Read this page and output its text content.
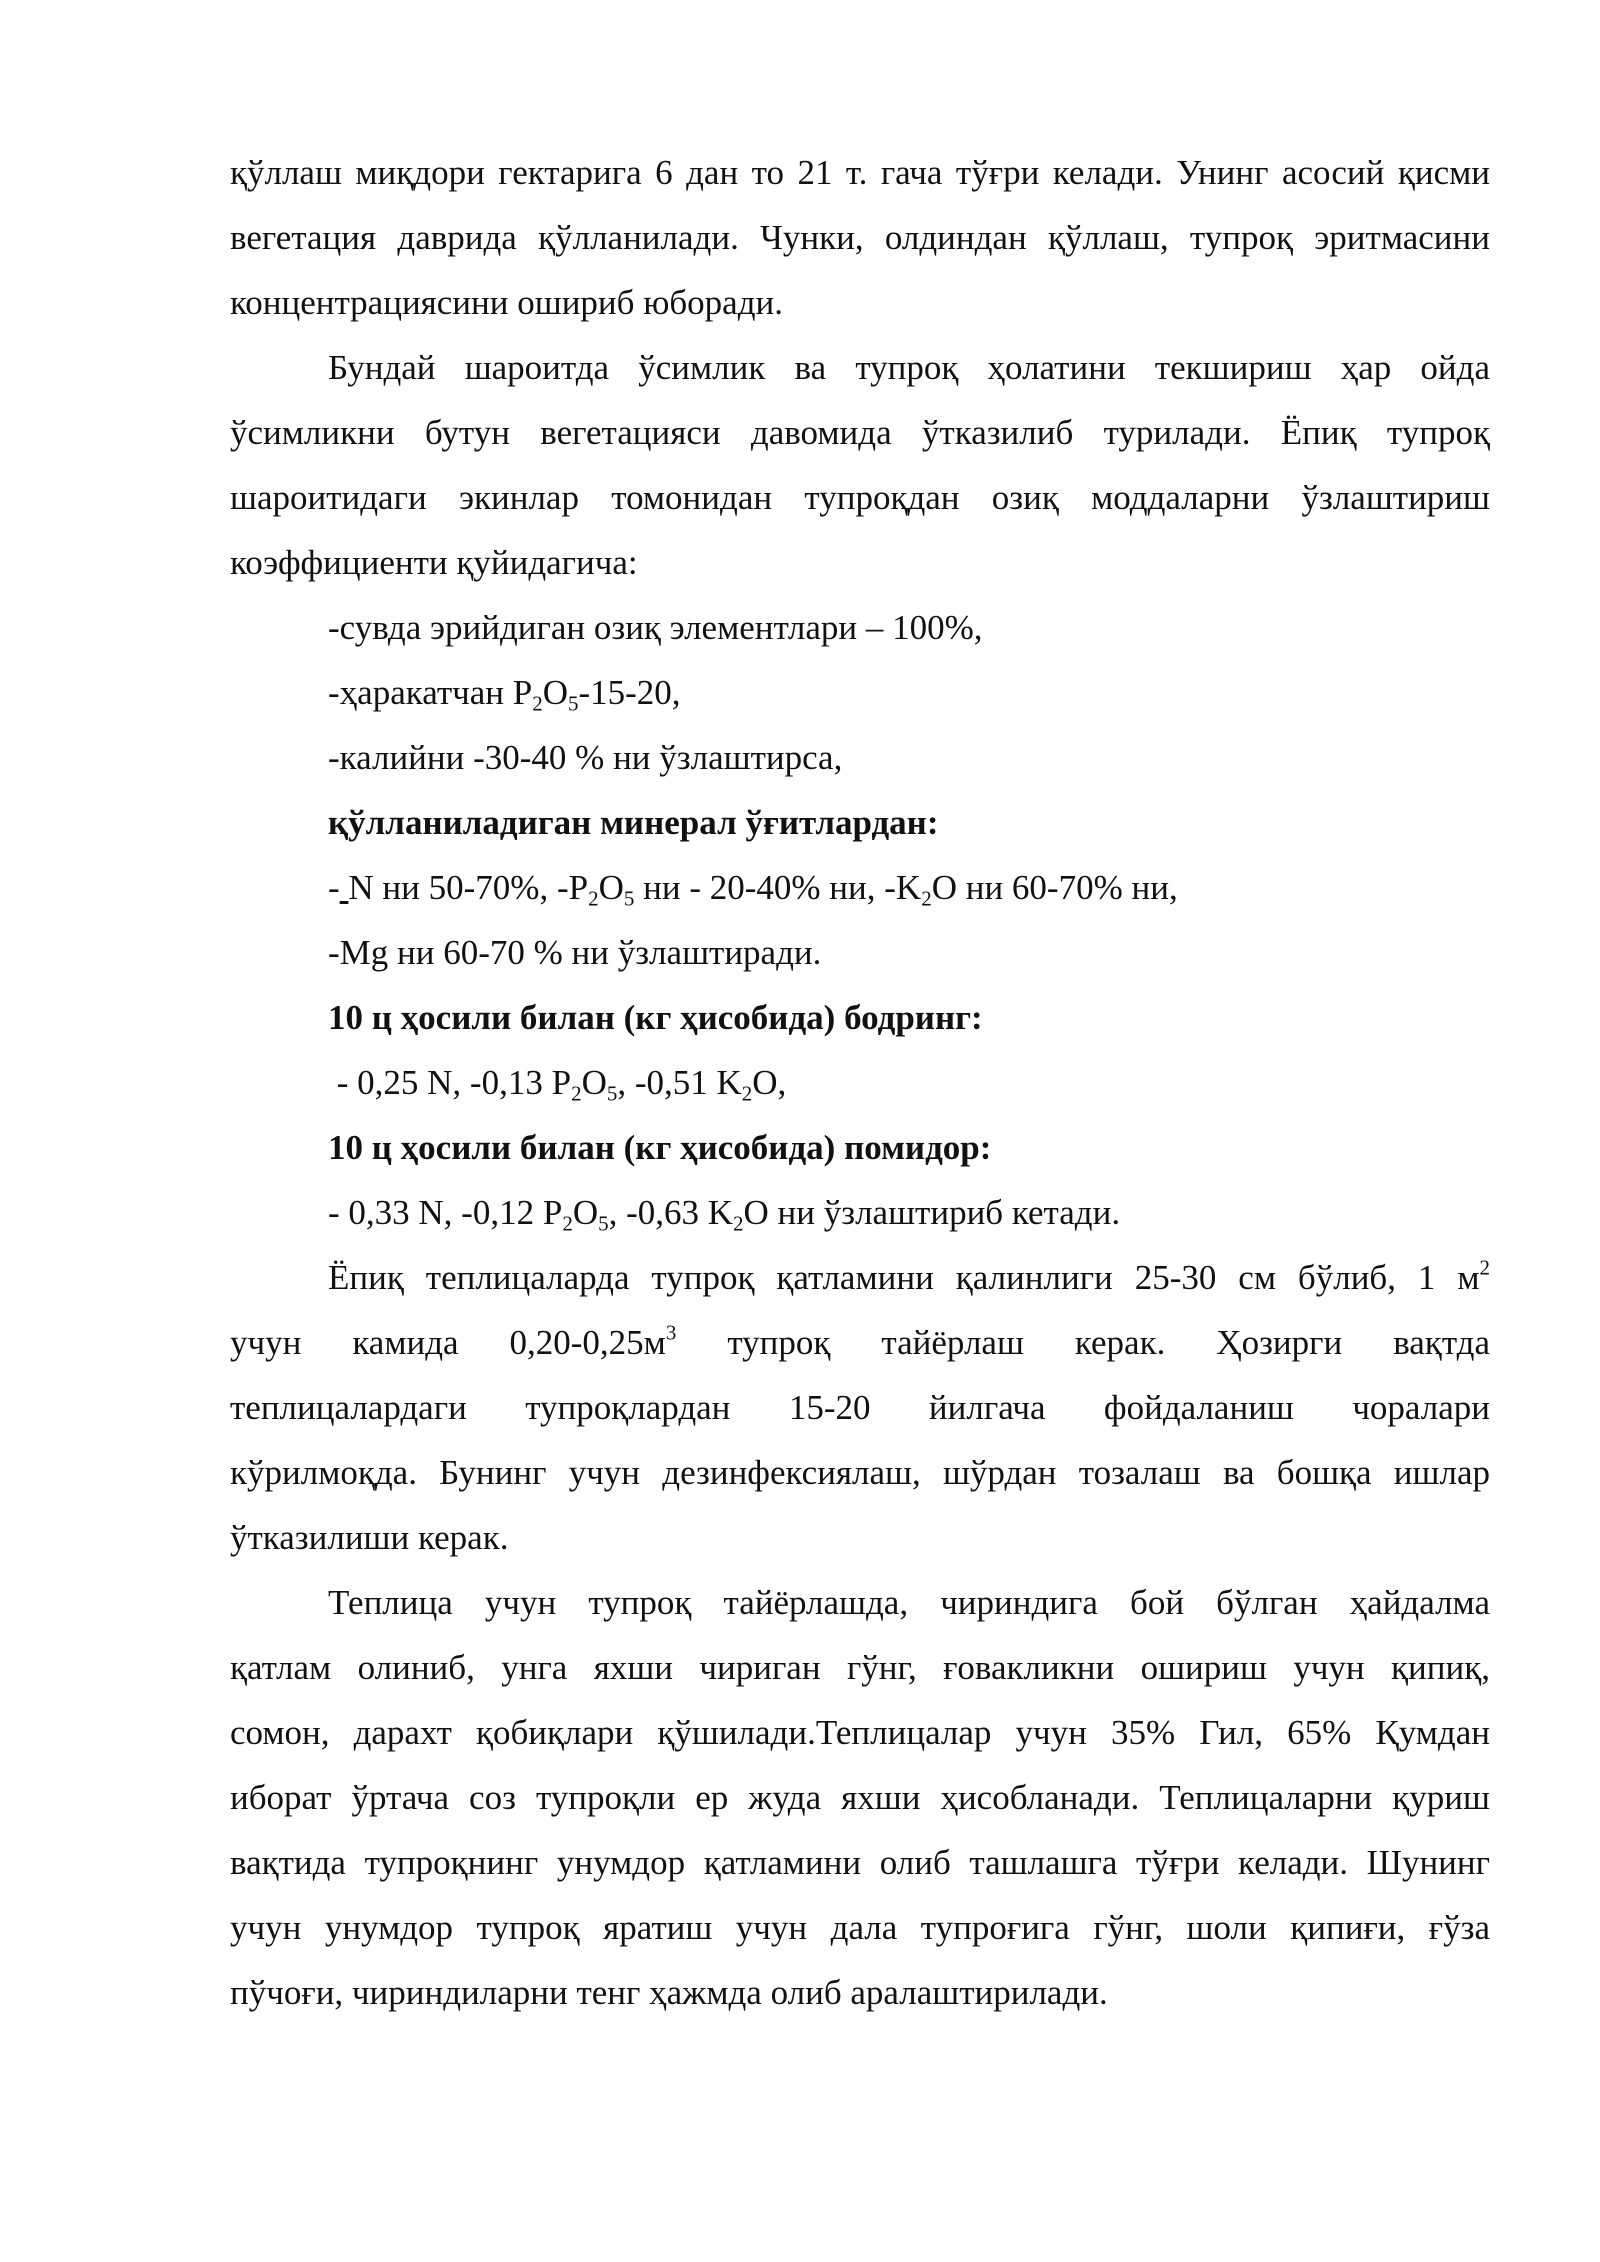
қўллаш миқдори гектарига 6 дан то 21 т. гача тўғри келади. Унинг асосий қисми
вегетация даврида қўлланилади. Чунки, олдиндан қўллаш, тупроқ эритмасини
концентрациясини ошириб юборади.
Бундай шароитда ўсимлик ва тупроқ ҳолатини текшириш ҳар ойда
ўсимликни бутун вегетацияси давомида ўтказилиб турилади. Ёпиқ тупроқ
шароитидаги экинлар томонидан тупроқдан озиқ моддаларни ўзлаштириш
коэффициенти қуйидагича:
-сувда эрийдиган озиқ элементлари – 100%,
-ҳаракатчан $P_2O_5-15-20$,
-калийни -30-40 % ни ўзлаштирса,
қўлланиладиган минерал ўғитлардан:
- N ни 50-70%, $-P_2O_5$ ни - 20-40% ни, $-K_2O$ ни 60-70% ни,
-Mg ни 60-70 % ни ўзлаштиради.
10 ц ҳосили билан (кг ҳисобида) бодринг:
- 0,25 N, -0,13 $P_2O_5$, -0,51 $K_2O$,
10 ц ҳосили билан (кг ҳисобида) помидор:
- 0,33 N, -0,12 $P_2O_5$, -0,63 $K_2O$ ни ўзлаштириб кетади.
Ёпиқ теплицаларда тупроқ қатламини қалинлиги 25-30 см бўлиб, 1 $м^2$
учун камида $0,20-0,25м^3$ тупроқ тайёрлаш керак. Ҳозирги вақтда
теплицалардаги тупроқлардан 15-20 йилгача фойдаланиш чоралари
кўрилмоқда. Бунинг учун дезинфексиялаш, шўрдан тозалаш ва бошқа ишлар
ўтказилиши керак.
Теплица учун тупроқ тайёрлашда, чириндига бой бўлган ҳайдалма
қатлам олиниб, унга яхши чириган гўнг, ғовакликни ошириш учун қипиқ,
сомон, дарахт қобиқлари қўшилади.Теплицалар учун 35% Гил, 65% Қумдан
иборат ўртача соз тупроқли ер жуда яхши ҳисобланади. Теплицаларни қуриш
вақтида тупроқнинг унумдор қатламини олиб ташлашга тўғри келади. Шунинг
учун унумдор тупроқ яратиш учун дала тупроғига гўнг, шоли қипиғи, ғўза
пўчоғи, чириндиларни тенг ҳажмда олиб аралаштирилади.
